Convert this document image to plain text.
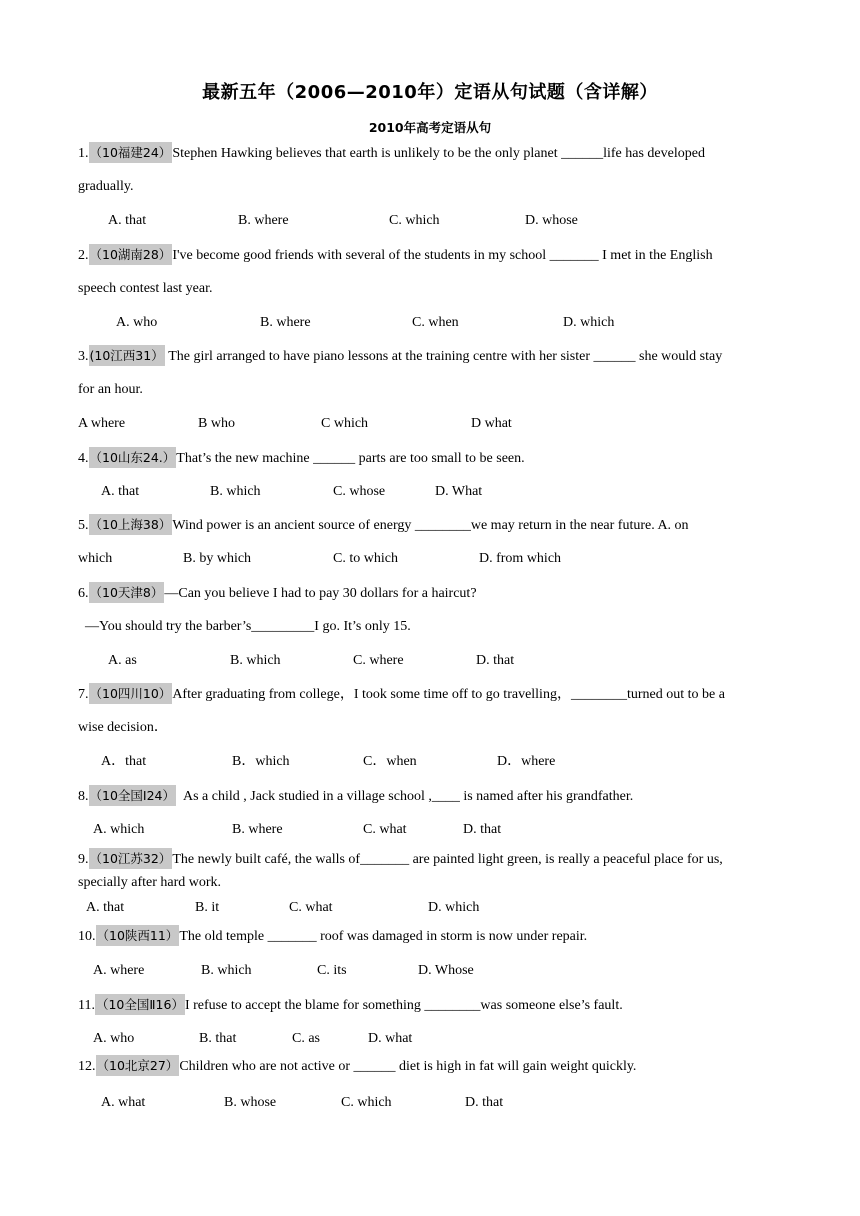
最新五年（2006—2010年）定语从句试题（含详解）
2010年高考定语从句
1.（10福建24）Stephen Hawking believes that earth is unlikely to be the only planet ______life has developed
gradually.
A. that	B. where	C. which	D. whose
2.（10湖南28）I've become good friends with several of the students in my school _______ I met in the English
speech contest last year.
A. who	B. where	C. when	D. which
3.(10江西31） The girl arranged to have piano lessons at the training centre with her sister ______ she would stay
for an hour.
A where	B who	C which	D what
4.（10山东24.）That’s the new machine ______ parts are too small to be seen.
A. that	B. which	C. whose	D. What
5.（10上海38）Wind power is an ancient source of energy ________we may return in the near future. A. on
which	B. by which	C. to which	D. from which
6.（10天津8）—Can you believe I had to pay 30 dollars for a haircut?
—You should try the barber’s_________I go. It’s only 15.
A. as	B. which	C. where	D. that
7.（10四川10）After graduating from college，I took some time off to go travelling，________turned out to be a
wise decision．
A．that	B．which	C．when	D．where
8.（10全国Ⅰ24）  As a child , Jack studied in a village school ,____ is named after his grandfather.
A. which	B. where	C. what	D. that
9.（10江苏32）The newly built café, the walls of_______ are painted light green, is really a peaceful place for us,
specially after hard work.
A. that	B. it	C. what	D. which
10.（10陕西11）The old temple _______ roof was damaged in storm is now under repair.
A. where	B. which	C. its	D. Whose
11.（10全国Ⅱ16）I refuse to accept the blame for something ________was someone else’s fault.
A. who	B. that	C. as	D. what
12.（10北京27）Children who are not active or ______ diet is high in fat will gain weight quickly.
A. what	B. whose	C. which	D. that
